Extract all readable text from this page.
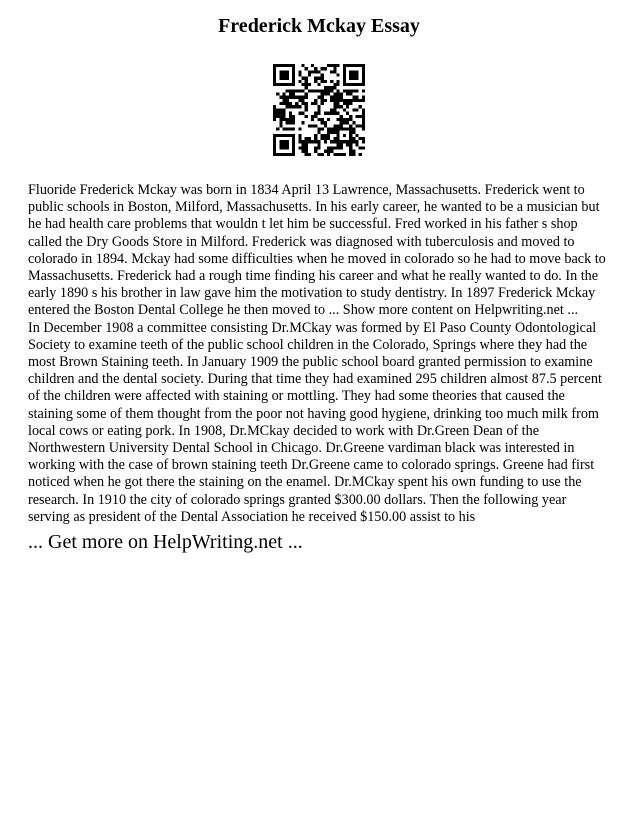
Frederick Mckay Essay

Fluoride Frederick Mckay was born in 1834 April 13 Lawrence, Massachusetts. Frederick went to public schools in Boston, Milford, Massachusetts. In his early career, he wanted to be a musician but he had health care problems that wouldn t let him be successful. Fred worked in his father s shop called the Dry Goods Store in Milford. Frederick was diagnosed with tuberculosis and moved to colorado in 1894. Mckay had some difficulties when he moved in colorado so he had to move back to Massachusetts. Frederick had a rough time finding his career and what he really wanted to do. In the early 1890 s his brother in law gave him the motivation to study dentistry. In 1897 Frederick Mckay entered the Boston Dental College he then moved to ... Show more content on Helpwriting.net ...

In December 1908 a committee consisting Dr.MCkay was formed by El Paso County Odontological Society to examine teeth of the public school children in the Colorado, Springs where they had the most Brown Staining teeth. In January 1909 the public school board granted permission to examine children and the dental society. During that time they had examined 295 children almost 87.5 percent of the children were affected with staining or mottling. They had some theories that caused the staining some of them thought from the poor not having good hygiene, drinking too much milk from local cows or eating pork. In 1908, Dr.MCkay decided to work with Dr.Green Dean of the Northwestern University Dental School in Chicago. Dr.Greene vardiman black was interested in working with the case of brown staining teeth Dr.Greene came to colorado springs. Greene had first noticed when he got there the staining on the enamel. Dr.MCkay spent his own funding to use the research. In 1910 the city of colorado springs granted $300.00 dollars. Then the following year serving as president of the Dental Association he received $150.00 assist to his

... Get more on HelpWriting.net ...
